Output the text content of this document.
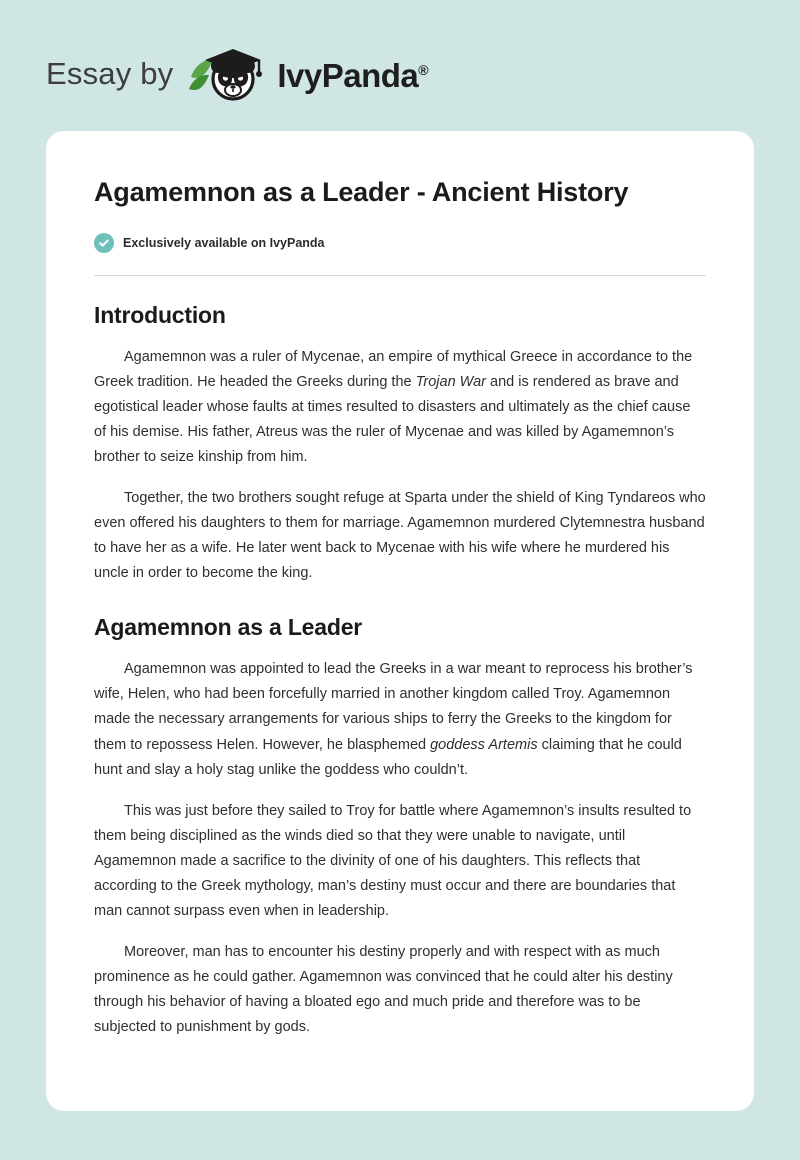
Essay by	IvyPanda®
Agamemnon as a Leader - Ancient History
Exclusively available on IvyPanda
Introduction

Agamemnon was a ruler of Mycenae, an empire of mythical Greece in accordance to the Greek tradition. He headed the Greeks during the Trojan War and is rendered as brave and egotistical leader whose faults at times resulted to disasters and ultimately as the chief cause of his demise. His father, Atreus was the ruler of Mycenae and was killed by Agamemnon’s brother to seize kinship from him.

Together, the two brothers sought refuge at Sparta under the shield of King Tyndareos who even offered his daughters to them for marriage. Agamemnon murdered Clytemnestra husband to have her as a wife. He later went back to Mycenae with his wife where he murdered his uncle in order to become the king.

Agamemnon as a Leader

Agamemnon was appointed to lead the Greeks in a war meant to reprocess his brother’s wife, Helen, who had been forcefully married in another kingdom called Troy. Agamemnon made the necessary arrangements for various ships to ferry the Greeks to the kingdom for them to repossess Helen. However, he blasphemed goddess Artemis claiming that he could hunt and slay a holy stag unlike the goddess who couldn’t.

This was just before they sailed to Troy for battle where Agamemnon’s insults resulted to them being disciplined as the winds died so that they were unable to navigate, until Agamemnon made a sacrifice to the divinity of one of his daughters. This reflects that according to the Greek mythology, man’s destiny must occur and there are boundaries that man cannot surpass even when in leadership.

Moreover, man has to encounter his destiny properly and with respect with as much prominence as he could gather. Agamemnon was convinced that he could alter his destiny through his behavior of having a bloated ego and much pride and therefore was to be subjected to punishment by gods.
